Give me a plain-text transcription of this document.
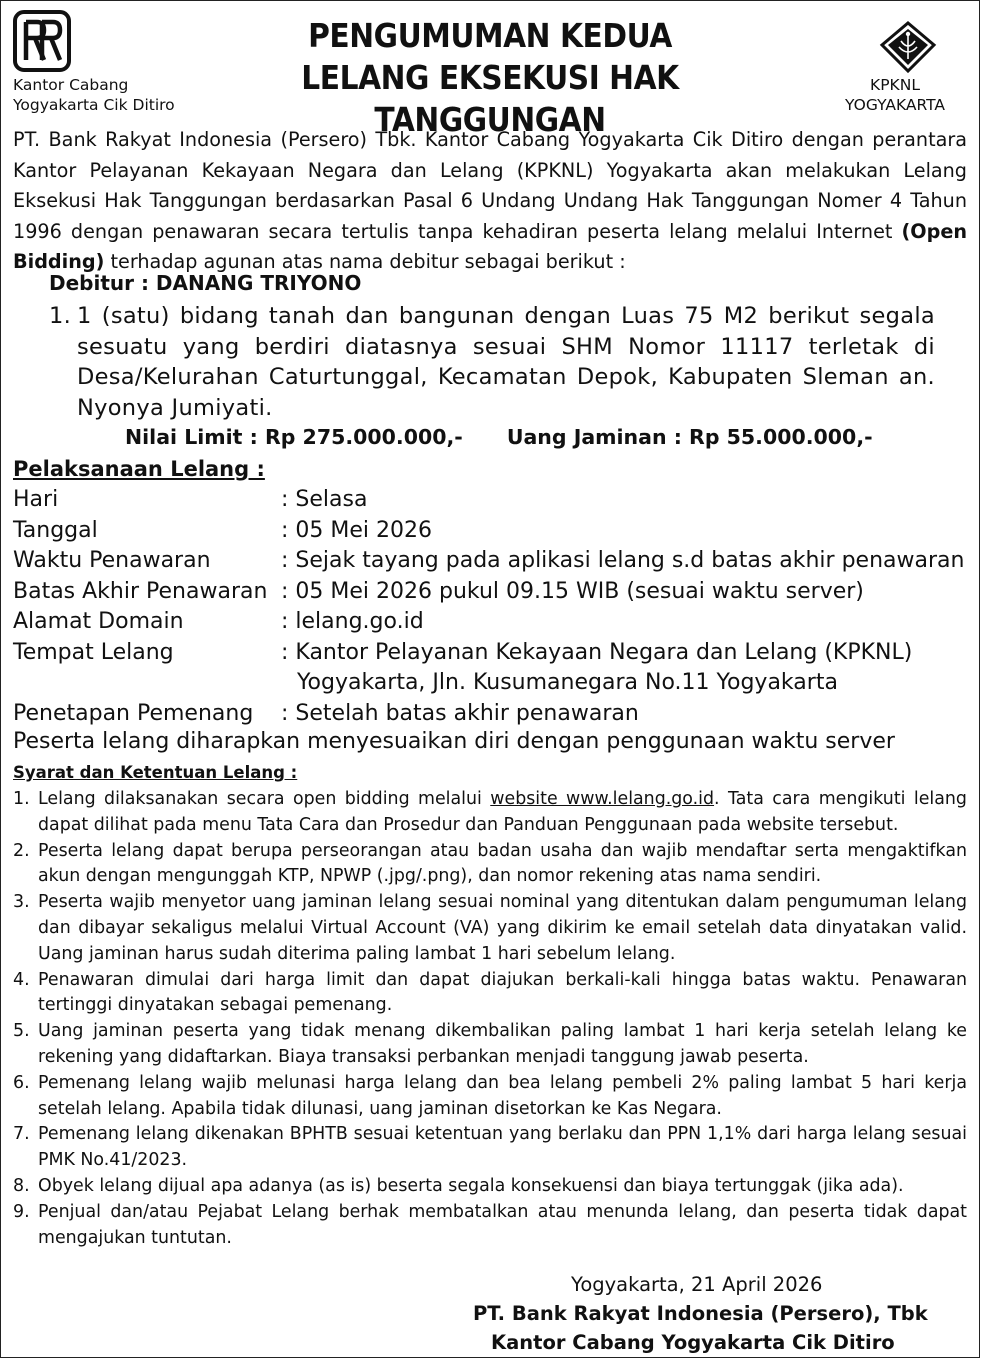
Kantor Cabang
Yogyakarta Cik Ditiro
PENGUMUMAN KEDUA
LELANG EKSEKUSI HAK TANGGUNGAN
KPKNL
YOGYAKARTA
PT. Bank Rakyat Indonesia (Persero) Tbk. Kantor Cabang Yogyakarta Cik Ditiro dengan perantara Kantor Pelayanan Kekayaan Negara dan Lelang (KPKNL) Yogyakarta akan melakukan Lelang Eksekusi Hak Tanggungan berdasarkan Pasal 6 Undang Undang Hak Tanggungan Nomer 4 Tahun 1996 dengan penawaran secara tertulis tanpa kehadiran peserta lelang melalui Internet (Open Bidding) terhadap agunan atas nama debitur sebagai berikut :
Debitur : DANANG TRIYONO
1. 1 (satu) bidang tanah dan bangunan dengan Luas 75 M2 berikut segala sesuatu yang berdiri diatasnya sesuai SHM Nomor 11117 terletak di Desa/Kelurahan Caturtunggal, Kecamatan Depok, Kabupaten Sleman an. Nyonya Jumiyati.
Nilai Limit : Rp 275.000.000,- Uang Jaminan : Rp 55.000.000,-
Pelaksanaan Lelang :
Hari	: Selasa
Tanggal	: 05 Mei 2026
Waktu Penawaran	: Sejak tayang pada aplikasi lelang s.d batas akhir penawaran
Batas Akhir Penawaran : 05 Mei 2026 pukul 09.15 WIB (sesuai waktu server)
Alamat Domain	: lelang.go.id
Tempat Lelang	: Kantor Pelayanan Kekayaan Negara dan Lelang (KPKNL)
Yogyakarta, Jln. Kusumanegara No.11 Yogyakarta
Penetapan Pemenang : Setelah batas akhir penawaran
Peserta lelang diharapkan menyesuaikan diri dengan penggunaan waktu server
Syarat dan Ketentuan Lelang :
1. Lelang dilaksanakan secara open bidding melalui website www.lelang.go.id. Tata cara mengikuti lelang dapat dilihat pada menu Tata Cara dan Prosedur dan Panduan Penggunaan pada website tersebut.
2. Peserta lelang dapat berupa perseorangan atau badan usaha dan wajib mendaftar serta mengaktifkan akun dengan mengunggah KTP, NPWP (.jpg/.png), dan nomor rekening atas nama sendiri.
3. Peserta wajib menyetor uang jaminan lelang sesuai nominal yang ditentukan dalam pengumuman lelang dan dibayar sekaligus melalui Virtual Account (VA) yang dikirim ke email setelah data dinyatakan valid. Uang jaminan harus sudah diterima paling lambat 1 hari sebelum lelang.
4. Penawaran dimulai dari harga limit dan dapat diajukan berkali-kali hingga batas waktu. Penawaran tertinggi dinyatakan sebagai pemenang.
5. Uang jaminan peserta yang tidak menang dikembalikan paling lambat 1 hari kerja setelah lelang ke rekening yang didaftarkan. Biaya transaksi perbankan menjadi tanggung jawab peserta.
6. Pemenang lelang wajib melunasi harga lelang dan bea lelang pembeli 2% paling lambat 5 hari kerja setelah lelang. Apabila tidak dilunasi, uang jaminan disetorkan ke Kas Negara.
7. Pemenang lelang dikenakan BPHTB sesuai ketentuan yang berlaku dan PPN 1,1% dari harga lelang sesuai PMK No.41/2023.
8. Obyek lelang dijual apa adanya (as is) beserta segala konsekuensi dan biaya tertunggak (jika ada).
9. Penjual dan/atau Pejabat Lelang berhak membatalkan atau menunda lelang, dan peserta tidak dapat mengajukan tuntutan.
Yogyakarta, 21 April 2026
PT. Bank Rakyat Indonesia (Persero), Tbk
Kantor Cabang Yogyakarta Cik Ditiro
